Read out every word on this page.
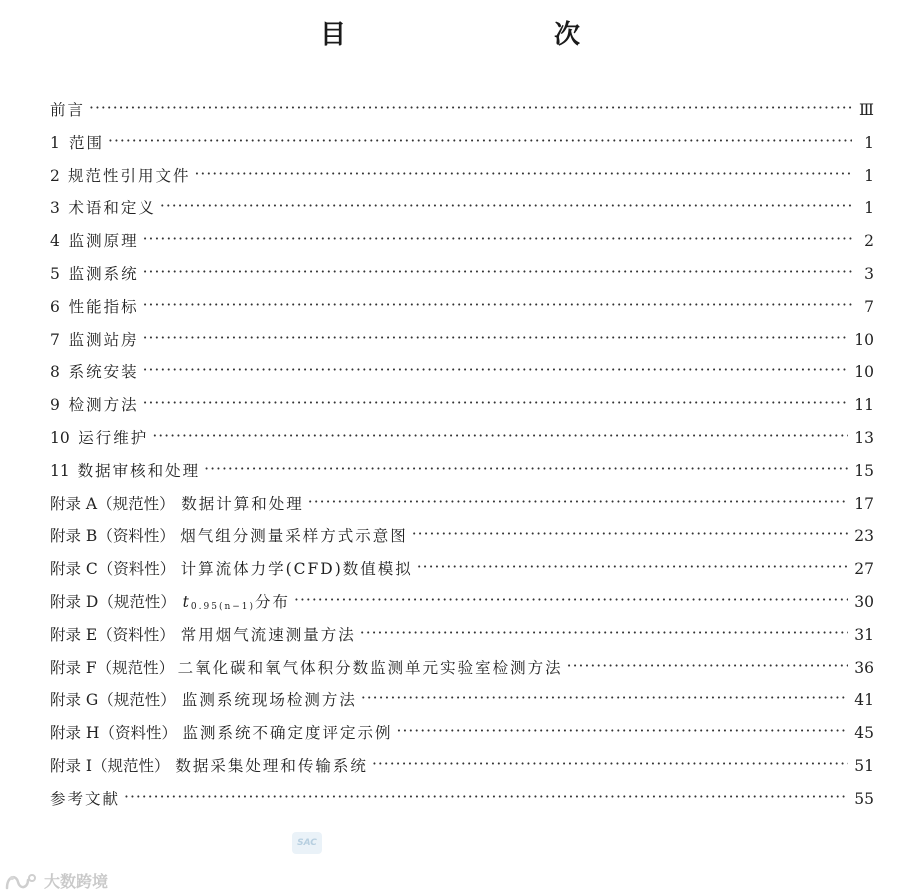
目　　次
前言 ·····	Ⅲ
1 范围 ·····	1
2 规范性引用文件 ·····	1
3 术语和定义 ·····	1
4 监测原理 ·····	2
5 监测系统 ·····	3
6 性能指标 ·····	7
7 监测站房 ·····	10
8 系统安装 ·····	10
9 检测方法 ·····	11
10 运行维护 ·····	13
11 数据审核和处理 ·····	15
附录 A（规范性） 数据计算和处理 ·····	17
附录 B（资料性） 烟气组分测量采样方式示意图 ·····	23
附录 C（资料性） 计算流体力学(CFD)数值模拟 ·····	27
附录 D（规范性） $t_{0.95(n-1)}$分布 ·····	30
附录 E（资料性） 常用烟气流速测量方法 ·····	31
附录 F（规范性） 二氧化碳和氧气体积分数监测单元实验室检测方法 ·····	36
附录 G（规范性） 监测系统现场检测方法 ·····	41
附录 H（资料性） 监测系统不确定度评定示例 ·····	45
附录 I（规范性） 数据采集处理和传输系统 ·····	51
参考文献 ·····	55
SAC
大数跨境
